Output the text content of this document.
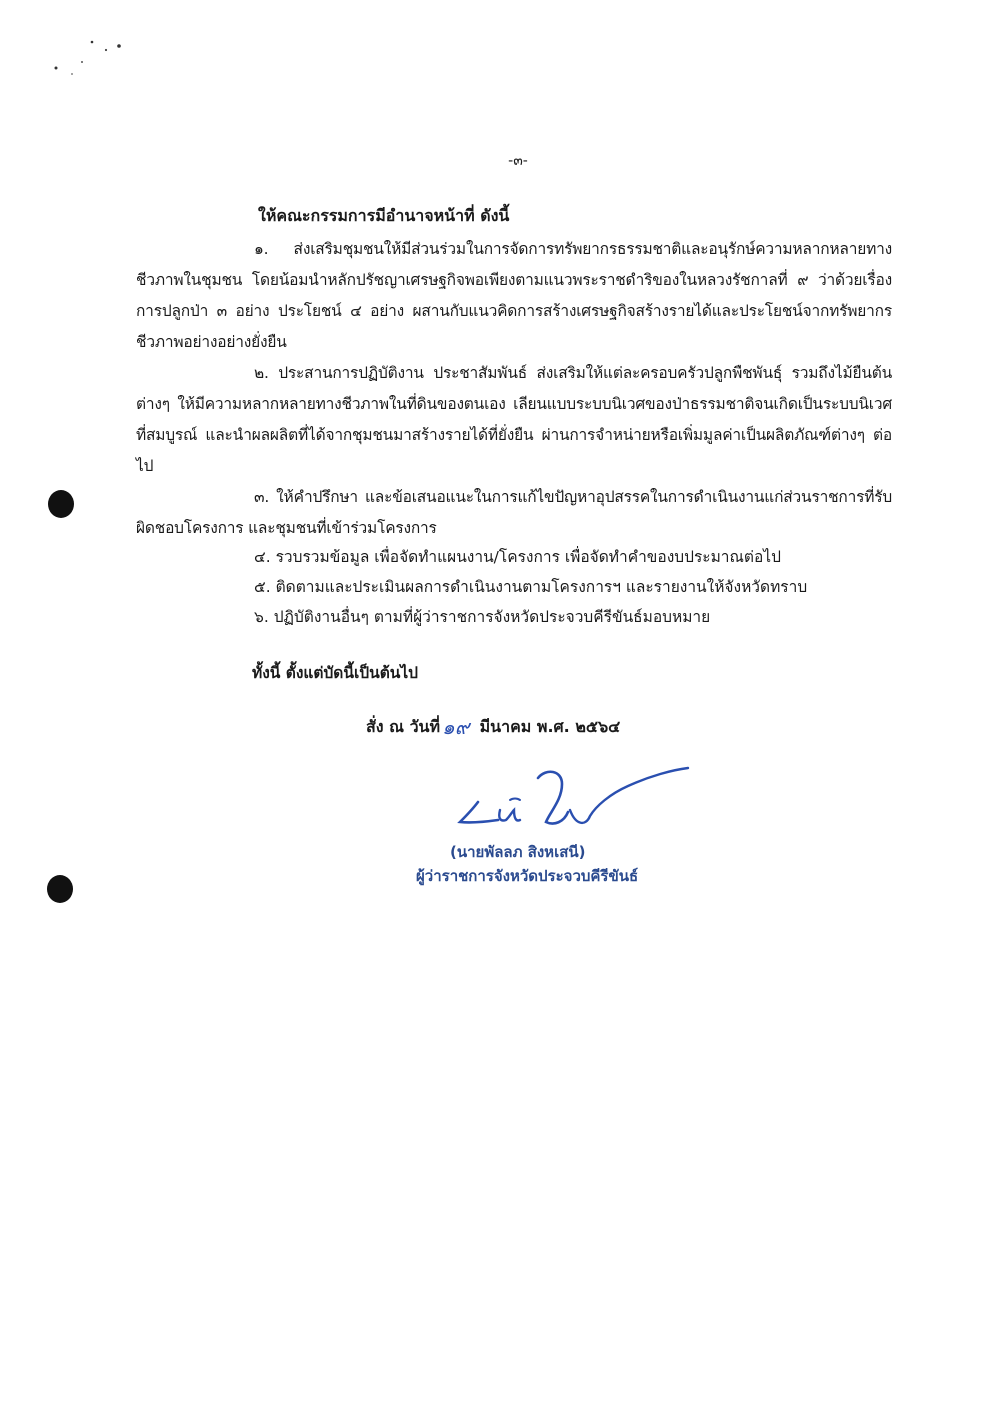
-๓-
ให้คณะกรรมการมีอำนาจหน้าที่ ดังนี้

๑. ส่งเสริมชุมชนให้มีส่วนร่วมในการจัดการทรัพยากรธรรมชาติและอนุรักษ์ความหลากหลายทางชีวภาพในชุมชน โดยน้อมนำหลักปรัชญาเศรษฐกิจพอเพียงตามแนวพระราชดำริของในหลวงรัชกาลที่ ๙ ว่าด้วยเรื่องการปลูกป่า ๓ อย่าง ประโยชน์ ๔ อย่าง ผสานกับแนวคิดการสร้างเศรษฐกิจสร้างรายได้และประโยชน์จากทรัพยากรชีวภาพอย่างอย่างยั่งยืน

๒. ประสานการปฏิบัติงาน ประชาสัมพันธ์ ส่งเสริมให้แต่ละครอบครัวปลูกพืชพันธุ์ รวมถึงไม้ยืนต้นต่างๆ ให้มีความหลากหลายทางชีวภาพในที่ดินของตนเอง เลียนแบบระบบนิเวศของป่าธรรมชาติจนเกิดเป็นระบบนิเวศที่สมบูรณ์ และนำผลผลิตที่ได้จากชุมชนมาสร้างรายได้ที่ยั่งยืน ผ่านการจำหน่ายหรือเพิ่มมูลค่าเป็นผลิตภัณฑ์ต่างๆ ต่อไป

๓. ให้คำปรึกษา และข้อเสนอแนะในการแก้ไขปัญหาอุปสรรคในการดำเนินงานแก่ส่วนราชการที่รับผิดชอบโครงการ และชุมชนที่เข้าร่วมโครงการ

๔. รวบรวมข้อมูล เพื่อจัดทำแผนงาน/โครงการ เพื่อจัดทำคำของบประมาณต่อไป
๕. ติดตามและประเมินผลการดำเนินงานตามโครงการฯ และรายงานให้จังหวัดทราบ
๖. ปฏิบัติงานอื่นๆ ตามที่ผู้ว่าราชการจังหวัดประจวบคีรีขันธ์มอบหมาย
ทั้งนี้ ตั้งแต่บัดนี้เป็นต้นไป
สั่ง ณ วันที่ ๑๙ มีนาคม พ.ศ. ๒๕๖๔
(นายพัลลภ สิงหเสนี)
ผู้ว่าราชการจังหวัดประจวบคีรีขันธ์
